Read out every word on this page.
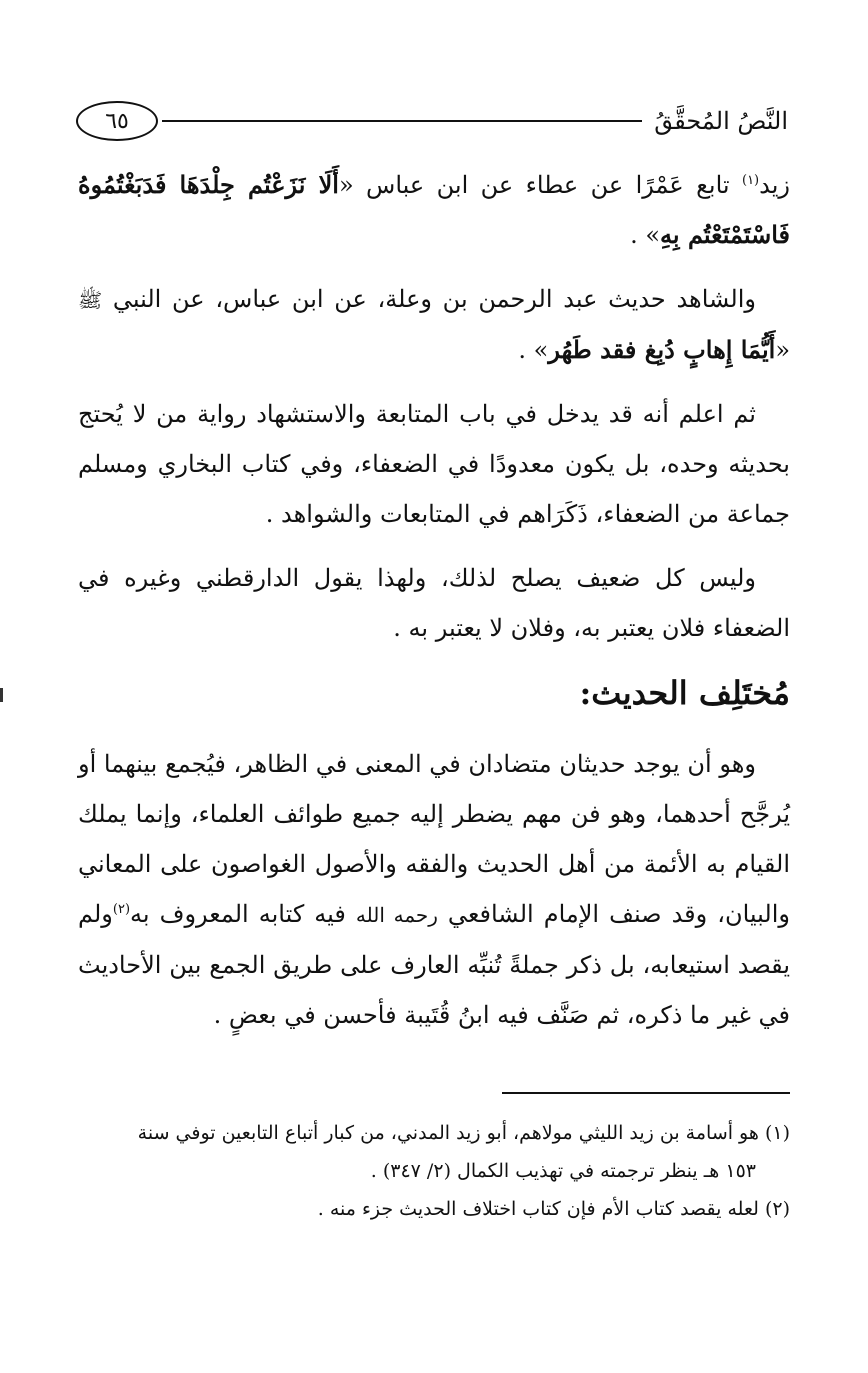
النَّصُ المُحقَّقُ
٦٥

زيد$^{(١)}$ تابع عَمْرًا عن عطاء عن ابن عباس «أَلَا نَزَعْتُم جِلْدَهَا فَدَبَغْتُمُوهُ فَاسْتَمْتَعْتُم بِهِ» .

والشاهد حديث عبد الرحمن بن وعلة، عن ابن عباس، عن النبي ﷺ «أَيُّمَا إِهابٍ دُبِغ فقد طَهُر» .

ثم اعلم أنه قد يدخل في باب المتابعة والاستشهاد رواية من لا يُحتج بحديثه وحده، بل يكون معدودًا في الضعفاء، وفي كتاب البخاري ومسلم جماعة من الضعفاء، ذَكَرَاهم في المتابعات والشواهد .

وليس كل ضعيف يصلح لذلك، ولهذا يقول الدارقطني وغيره في الضعفاء فلان يعتبر به، وفلان لا يعتبر به .

مُختَلِف الحديث:

وهو أن يوجد حديثان متضادان في المعنى في الظاهر، فيُجمع بينهما أو يُرجَّح أحدهما، وهو فن مهم يضطر إليه جميع طوائف العلماء، وإنما يملك القيام به الأئمة من أهل الحديث والفقه والأصول الغواصون على المعاني والبيان، وقد صنف الإمام الشافعي رحمه الله فيه كتابه المعروف به$^{(٢)}$ولم يقصد استيعابه، بل ذكر جملةً تُنبِّه العارف على طريق الجمع بين الأحاديث في غير ما ذكره، ثم صَنَّف فيه ابنُ قُتَيبة فأحسن في بعضٍ .

(١) هو أسامة بن زيد الليثي مولاهم، أبو زيد المدني، من كبار أتباع التابعين توفي سنة

١٥٣ هـ ينظر ترجمته في تهذيب الكمال (٢/ ٣٤٧) .

(٢) لعله يقصد كتاب الأم فإن كتاب اختلاف الحديث جزء منه .
